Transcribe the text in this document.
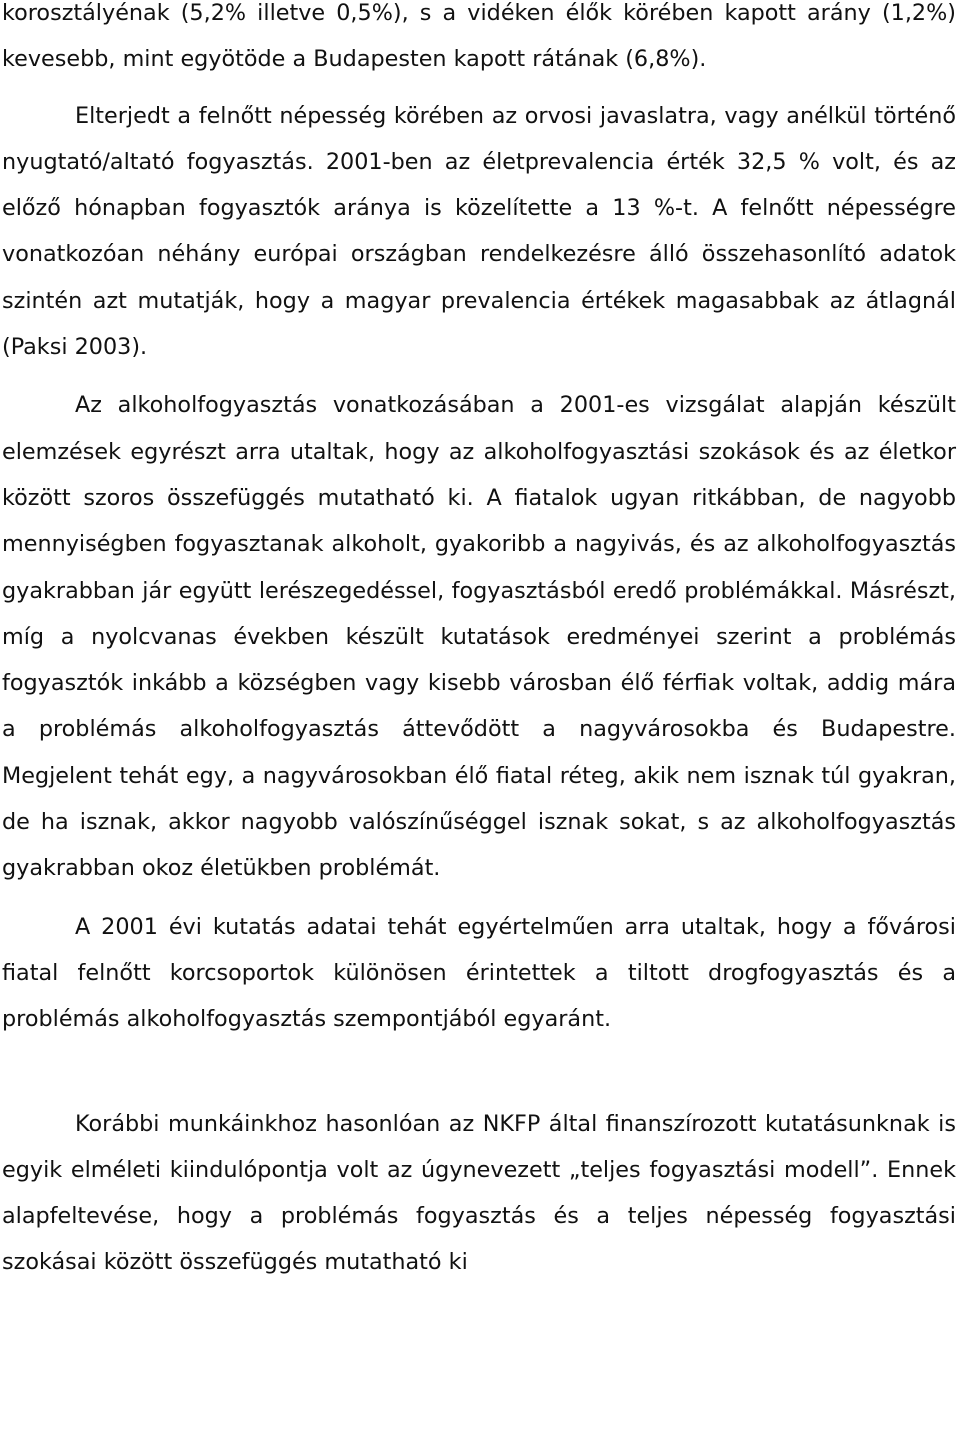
korosztályénak (5,2% illetve 0,5%), s a vidéken élők körében kapott arány (1,2%) kevesebb, mint egyötöde a Budapesten kapott rátának (6,8%).

Elterjedt a felnőtt népesség körében az orvosi javaslatra, vagy anélkül történő nyugtató/altató fogyasztás. 2001-ben az életprevalencia érték 32,5 % volt, és az előző hónapban fogyasztók aránya is közelítette a 13 %-t. A felnőtt népességre vonatkozóan néhány európai országban rendelkezésre álló összehasonlító adatok szintén azt mutatják, hogy a magyar prevalencia értékek magasabbak az átlagnál (Paksi 2003).

Az alkoholfogyasztás vonatkozásában a 2001-es vizsgálat alapján készült elemzések egyrészt arra utaltak, hogy az alkoholfogyasztási szokások és az életkor között szoros összefüggés mutatható ki. A fiatalok ugyan ritkábban, de nagyobb mennyiségben fogyasztanak alkoholt, gyakoribb a nagyivás, és az alkoholfogyasztás gyakrabban jár együtt lerészegedéssel, fogyasztásból eredő problémákkal. Másrészt, míg a nyolcvanas években készült kutatások eredményei szerint a problémás fogyasztók inkább a községben vagy kisebb városban élő férfiak voltak, addig mára a problémás alkoholfogyasztás áttevődött a nagyvárosokba és Budapestre. Megjelent tehát egy, a nagyvárosokban élő fiatal réteg, akik nem isznak túl gyakran, de ha isznak, akkor nagyobb valószínűséggel isznak sokat, s az alkoholfogyasztás gyakrabban okoz életükben problémát.

A 2001 évi kutatás adatai tehát egyértelműen arra utaltak, hogy a fővárosi fiatal felnőtt korcsoportok különösen érintettek a tiltott drogfogyasztás és a problémás alkoholfogyasztás szempontjából egyaránt.

Korábbi munkáinkhoz hasonlóan az NKFP által finanszírozott kutatásunknak is egyik elméleti kiindulópontja volt az úgynevezett „teljes fogyasztási modell”. Ennek alapfeltevése, hogy a problémás fogyasztás és a teljes népesség fogyasztási szokásai között összefüggés mutatható ki
